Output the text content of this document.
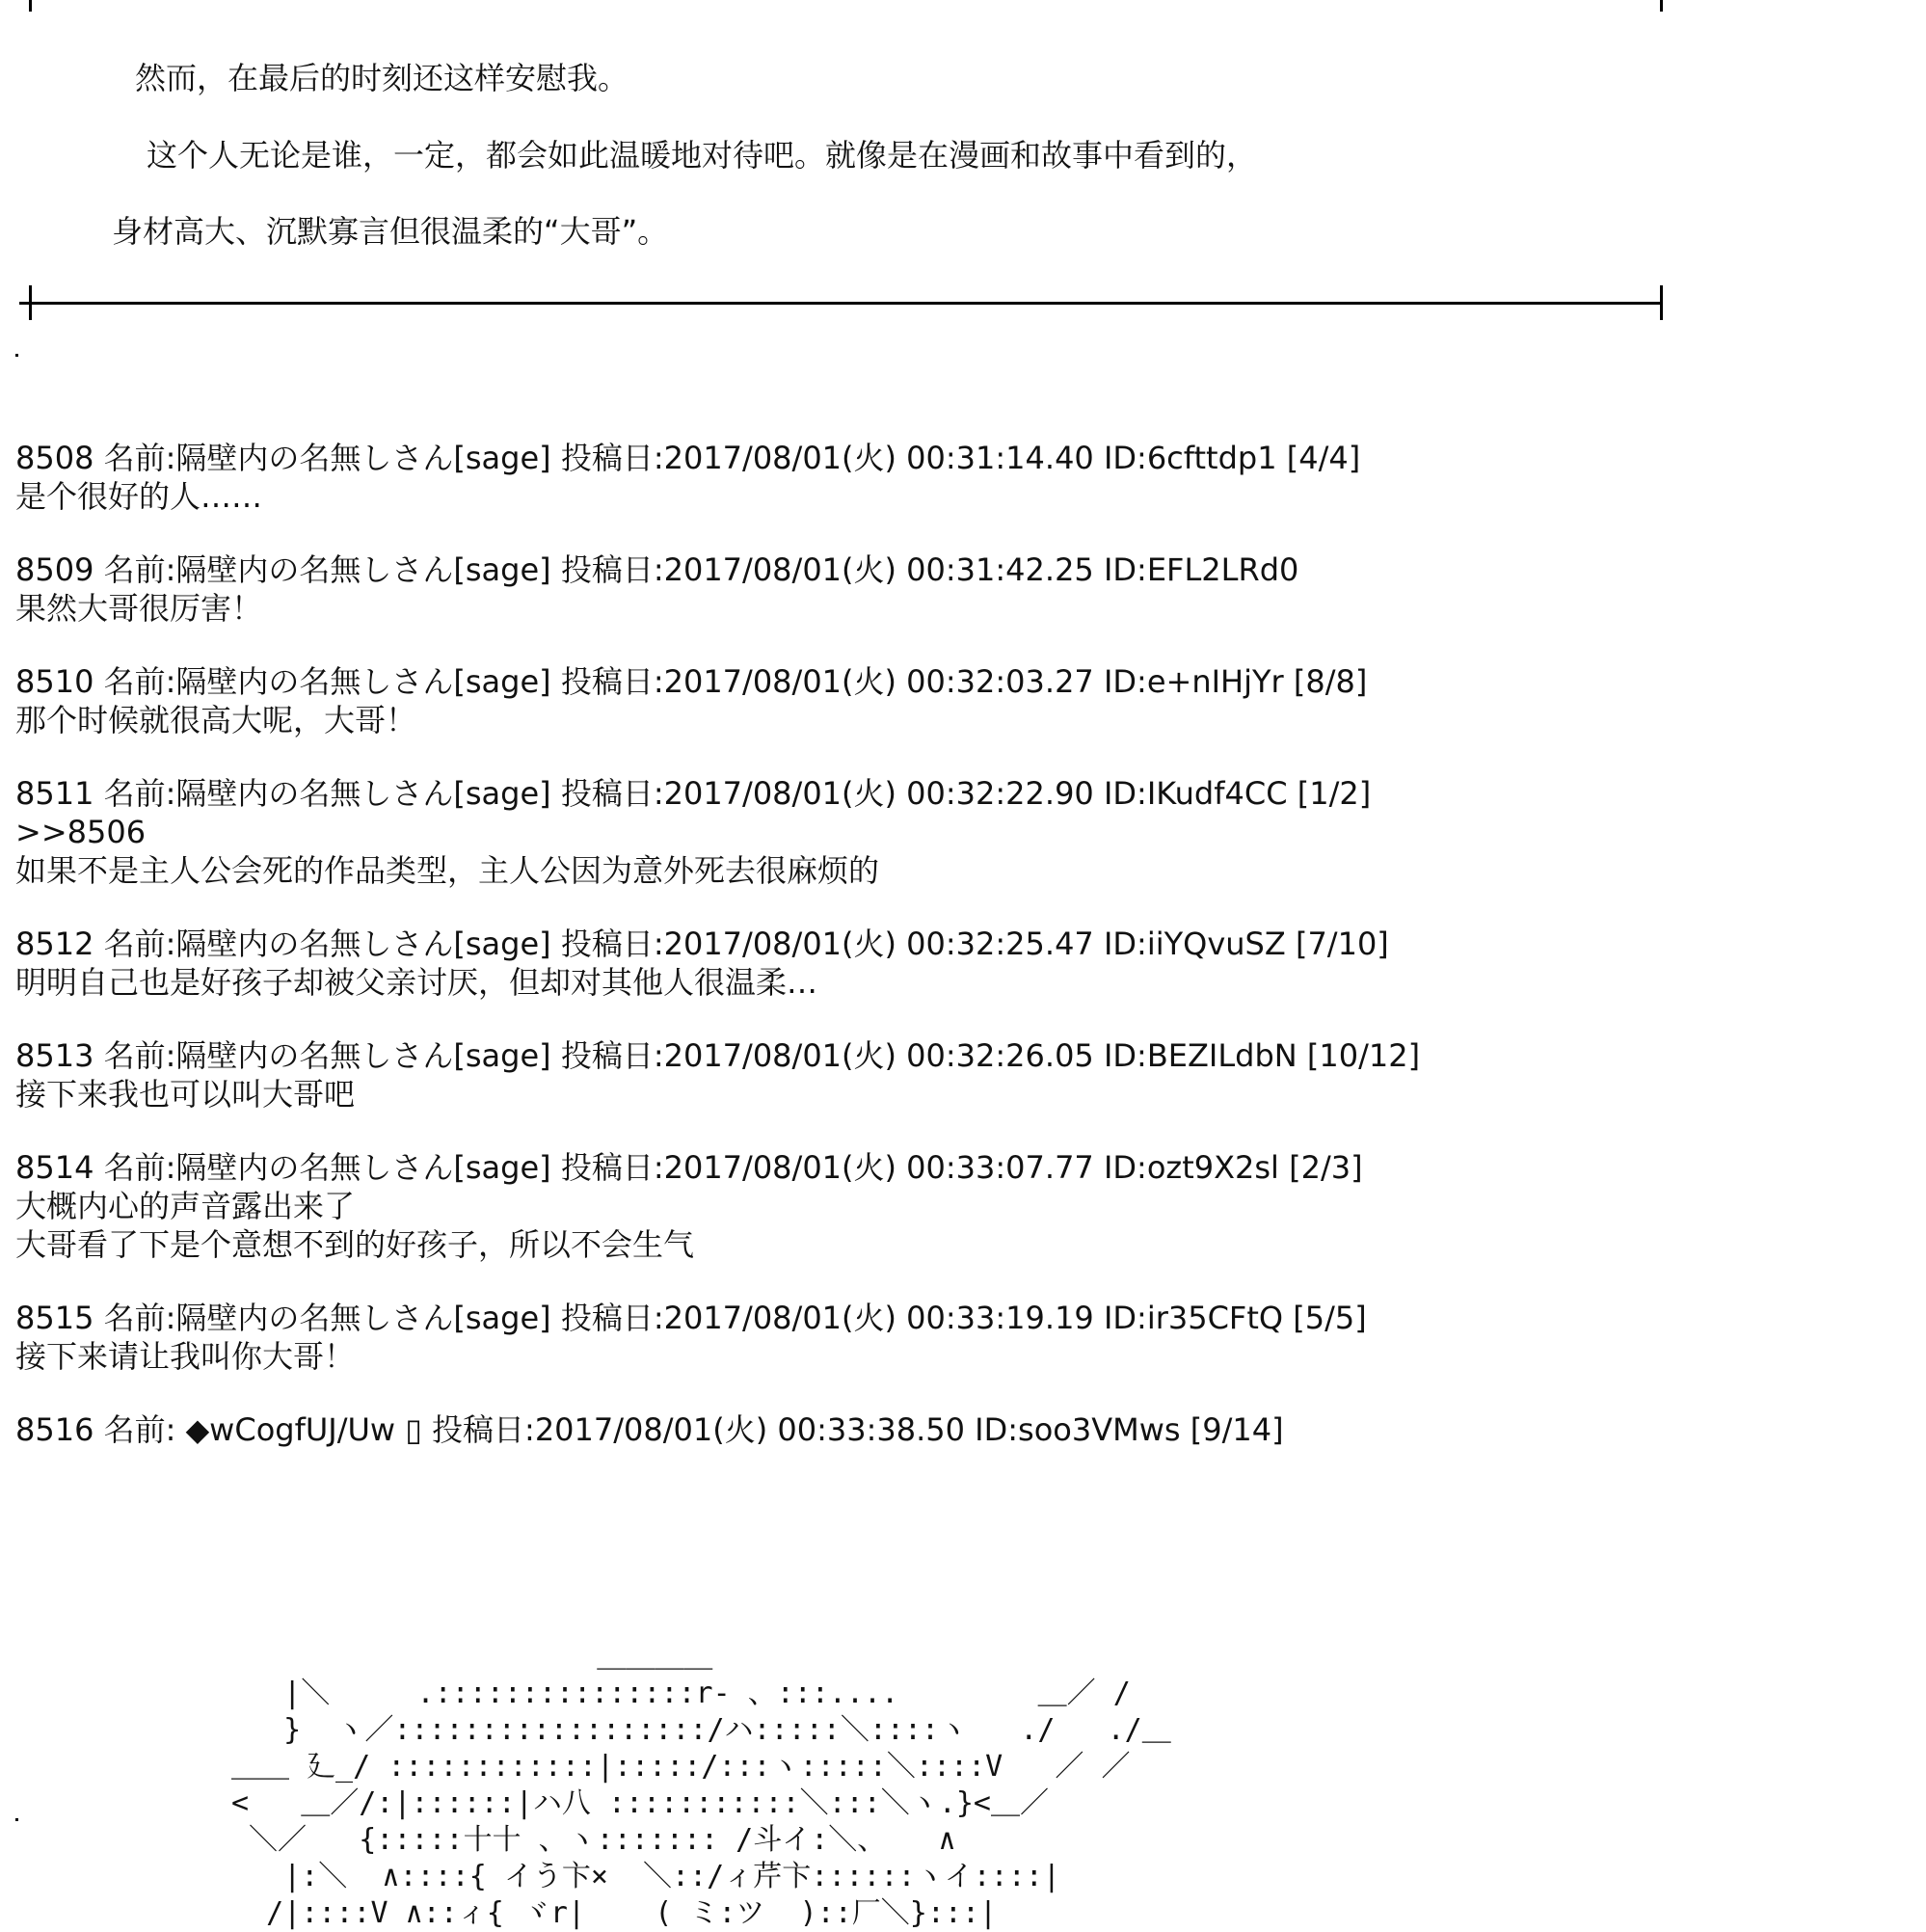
然而，在最后的时刻还这样安慰我。
这个人无论是谁，一定，都会如此温暖地对待吧。就像是在漫画和故事中看到的，
身材高大、沉默寡言但很温柔的“大哥”。
8508 名前:隔壁内の名無しさん[sage] 投稿日:2017/08/01(火) 00:31:14.40 ID:6cfttdp1 [4/4]
是个很好的人……
8509 名前:隔壁内の名無しさん[sage] 投稿日:2017/08/01(火) 00:31:42.25 ID:EFL2LRd0
果然大哥很厉害！
8510 名前:隔壁内の名無しさん[sage] 投稿日:2017/08/01(火) 00:32:03.27 ID:e+nIHjYr [8/8]
那个时候就很高大呢，大哥！
8511 名前:隔壁内の名無しさん[sage] 投稿日:2017/08/01(火) 00:32:22.90 ID:IKudf4CC [1/2]
>>8506
如果不是主人公会死的作品类型，主人公因为意外死去很麻烦的
8512 名前:隔壁内の名無しさん[sage] 投稿日:2017/08/01(火) 00:32:25.47 ID:iiYQvuSZ [7/10]
明明自己也是好孩子却被父亲讨厌，但却对其他人很温柔…
8513 名前:隔壁内の名無しさん[sage] 投稿日:2017/08/01(火) 00:32:26.05 ID:BEZILdbN [10/12]
接下来我也可以叫大哥吧
8514 名前:隔壁内の名無しさん[sage] 投稿日:2017/08/01(火) 00:33:07.77 ID:ozt9X2sl [2/3]
大概内心的声音露出来了
大哥看了下是个意想不到的好孩子，所以不会生气
8515 名前:隔壁内の名無しさん[sage] 投稿日:2017/08/01(火) 00:33:19.19 ID:ir35CFtQ [5/5]
接下来请让我叫你大哥！
8516 名前: ◆wCogfUJ/Uw ▯ 投稿日:2017/08/01(火) 00:33:38.50 ID:soo3VMws [9/14]
＿＿＿＿
|＼     .:::::::::::::::r‐ 、:::....        ＿／ /
}  ヽ／::::::::::::::::::/ハ:::::＼::::ヽ   ./   ./＿
＿＿ 廴_/ ::::::::::::|:::::/:::ヽ:::::＼::::V   ／ ／
<   ＿／/:|::::::|ハ八 :::::::::::＼:::＼ヽ.}<＿／
＼／   {:::::十十 、ヽ::::::: /斗イ:＼、   ∧
|:＼  ∧::::{ イう卞×  ＼::/ィ芹卞::::::ヽイ::::|
/|::::V ∧::ィ{ ヾr|    ( ミ:ツ  )::厂＼}:::|
